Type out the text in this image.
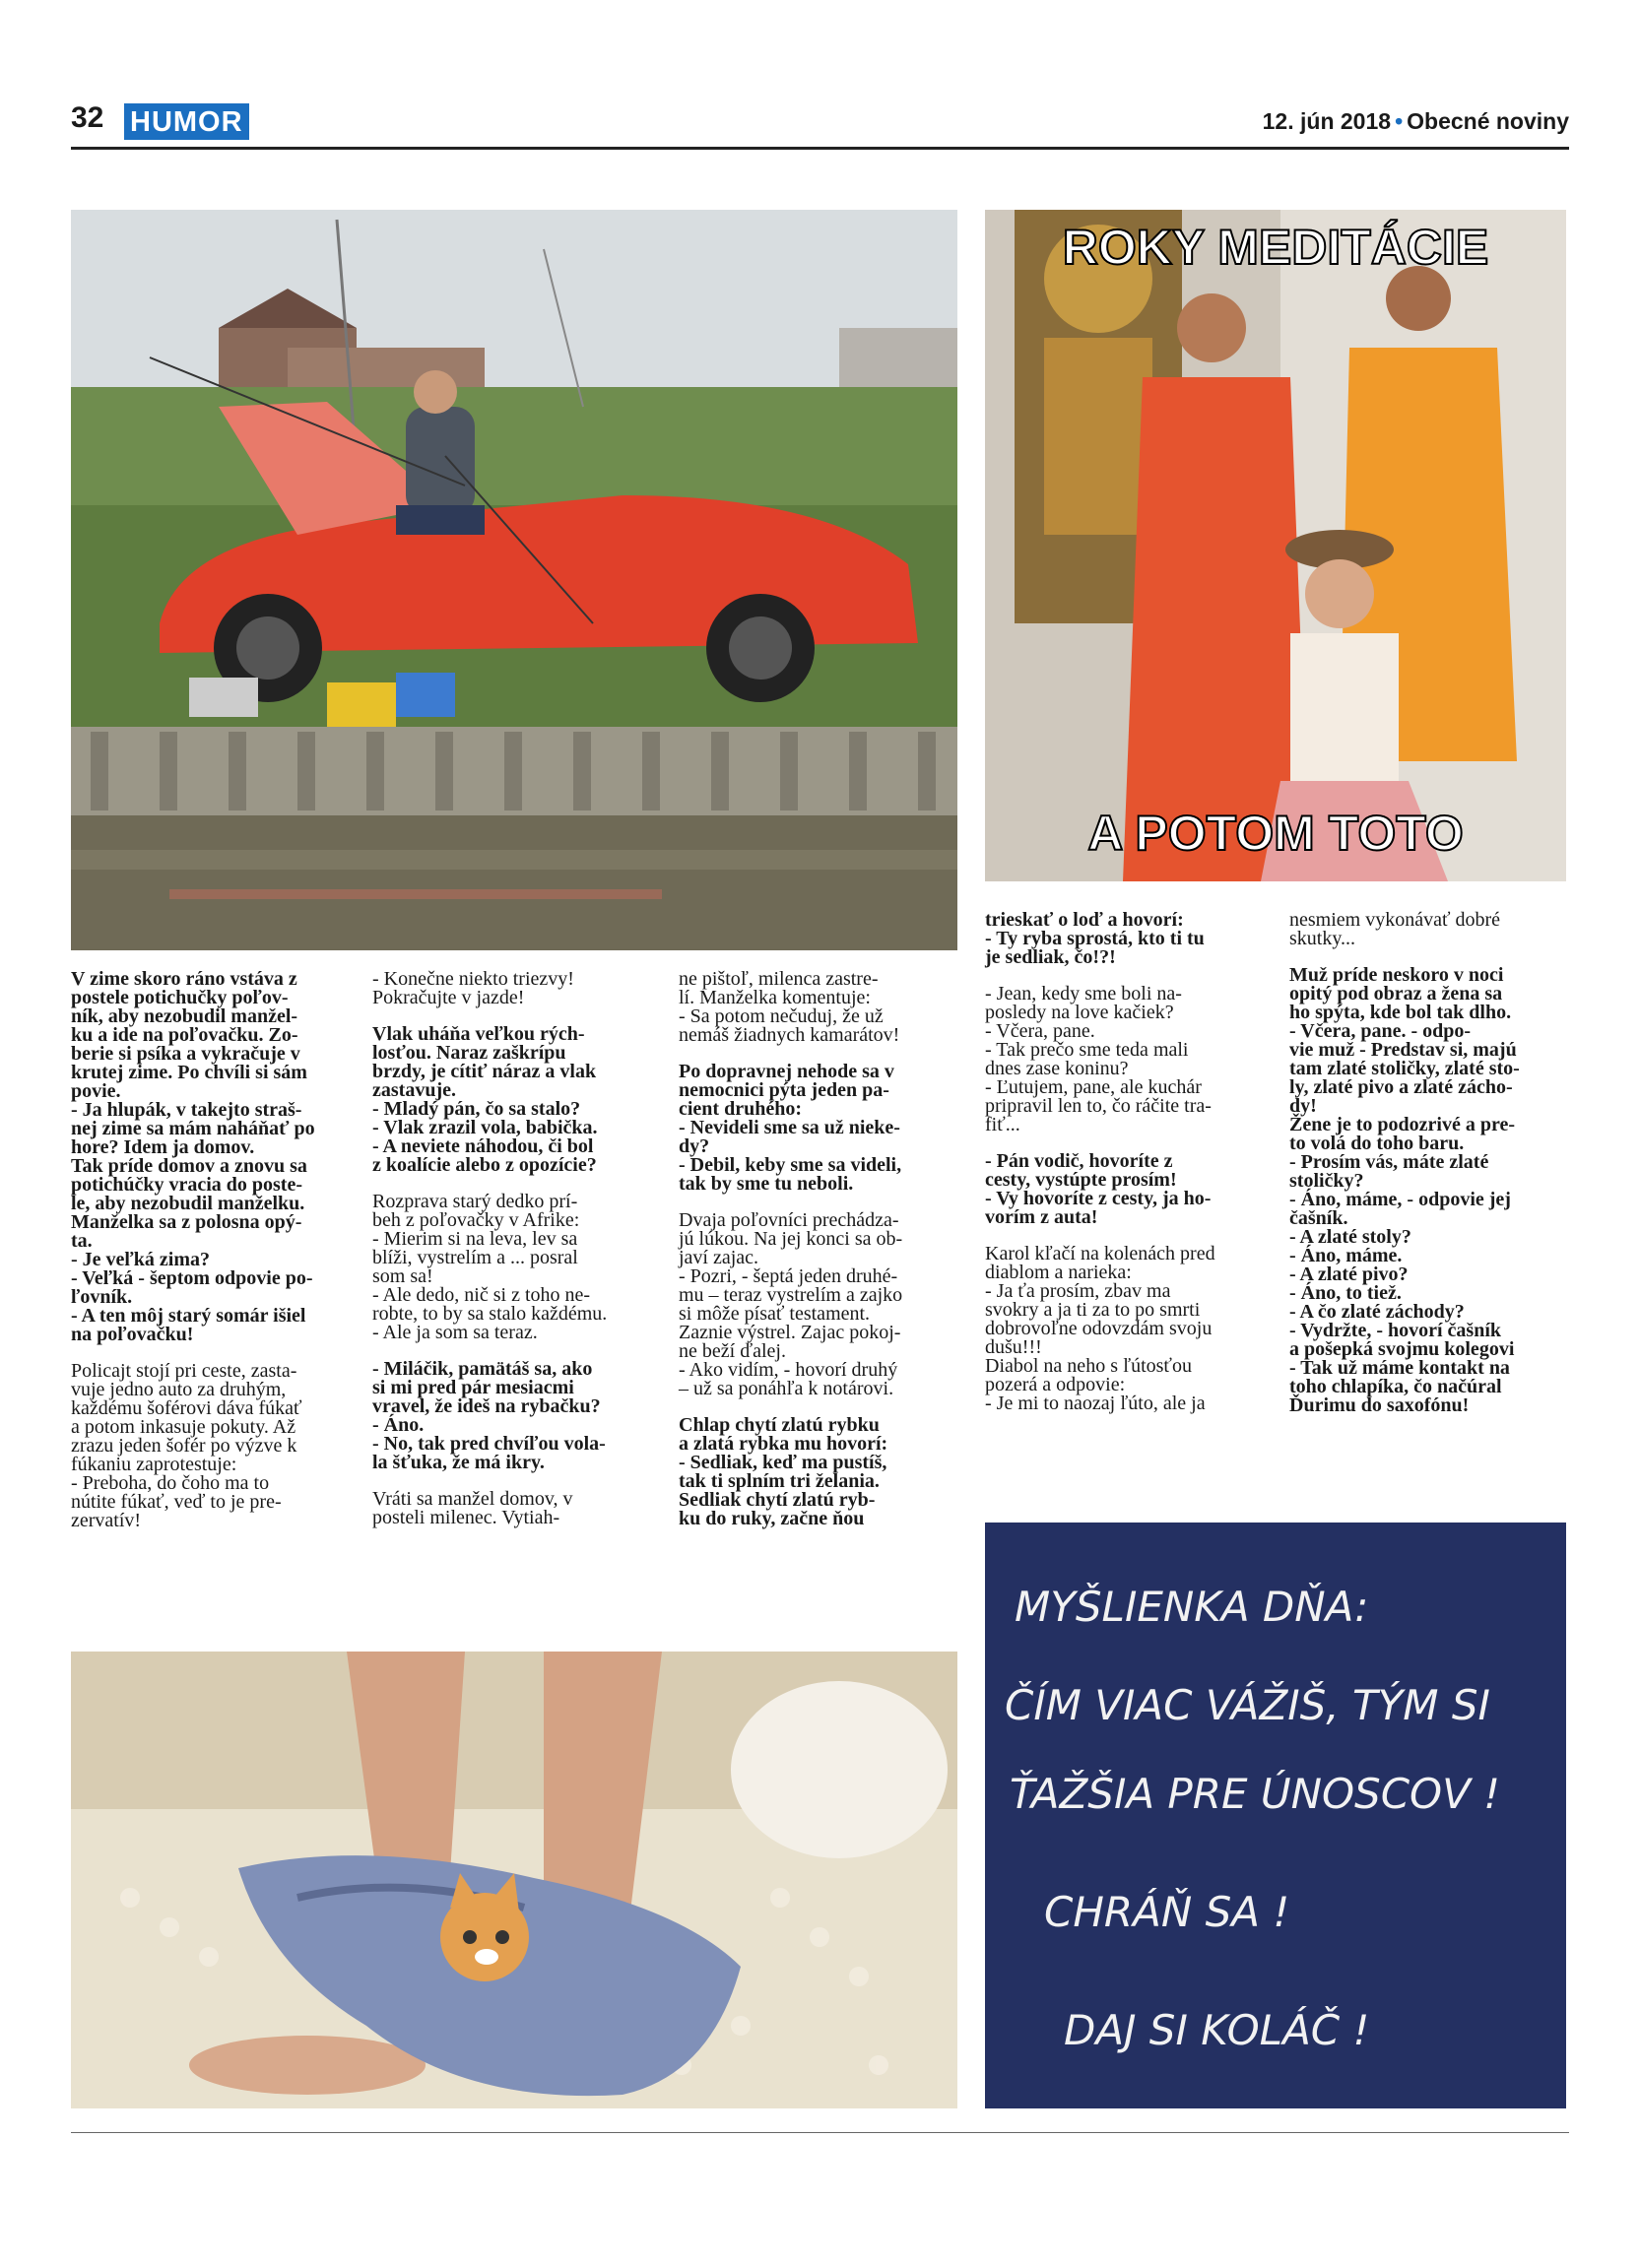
32 HUMOR	12. jún 2018 • Obecné noviny
ROKY MEDITÁCIE
A POTOM TOTO
MYŠLIENKA DŇA:
ČÍM VIAC VÁŽIŠ, TÝM SI
ŤAŽŠIA PRE ÚNOSCOV !
CHRÁŇ SA !
DAJ SI KOLÁČ !

V zime skoro ráno vstáva z
postele potichučky poľov-
ník, aby nezobudil manžel-
ku a ide na poľovačku. Zo-
berie si psíka a vykračuje v
krutej zime. Po chvíli si sám
povie.
- Ja hlupák, v takejto straš-
nej zime sa mám naháňať po
hore? Idem ja domov.
Tak príde domov a znovu sa
potichúčky vracia do poste-
le, aby nezobudil manželku.
Manželka sa z polosna opý-
ta.
- Je veľká zima?
- Veľká - šeptom odpovie po-
ľovník.
- A ten môj starý somár išiel
na poľovačku!

Policajt stojí pri ceste, zasta-
vuje jedno auto za druhým,
každému šoférovi dáva fúkať
a potom inkasuje pokuty. Až
zrazu jeden šofér po výzve k
fúkaniu zaprotestuje:
- Preboha, do čoho ma to
nútite fúkať, veď to je pre-
zervatív!

- Konečne niekto triezvy!
Pokračujte v jazde!

Vlak uháňa veľkou rých-
losťou. Naraz zaškrípu
brzdy, je cítiť náraz a vlak
zastavuje.
- Mladý pán, čo sa stalo?
- Vlak zrazil vola, babička.
- A neviete náhodou, či bol
z koalície alebo z opozície?

Rozprava starý dedko prí-
beh z poľovačky v Afrike:
- Mierim si na leva, lev sa
blíži, vystrelím a ... posral
som sa!
- Ale dedo, nič si z toho ne-
robte, to by sa stalo každému.
- Ale ja som sa teraz.

- Miláčik, pamätáš sa, ako
si mi pred pár mesiacmi
vravel, že ideš na rybačku?
- Áno.
- No, tak pred chvíľou vola-
la šťuka, že má ikry.

Vráti sa manžel domov, v
posteli milenec. Vytiah-

ne pištoľ, milenca zastre-
lí. Manželka komentuje:
- Sa potom nečuduj, že už
nemáš žiadnych kamarátov!

Po dopravnej nehode sa v
nemocnici pýta jeden pa-
cient druhého:
- Nevideli sme sa už nieke-
dy?
- Debil, keby sme sa videli,
tak by sme tu neboli.

Dvaja poľovníci prechádza-
jú lúkou. Na jej konci sa ob-
javí zajac.
- Pozri, - šeptá jeden druhé-
mu – teraz vystrelím a zajko
si môže písať testament.
Zaznie výstrel. Zajac pokoj-
ne beží ďalej.
- Ako vidím, - hovorí druhý
– už sa ponáhľa k notárovi.

Chlap chytí zlatú rybku
a zlatá rybka mu hovorí:
- Sedliak, keď ma pustíš,
tak ti splním tri želania.
Sedliak chytí zlatú ryb-
ku do ruky, začne ňou

trieskať o loď a hovorí:
- Ty ryba sprostá, kto ti tu
je sedliak, čo!?!

- Jean, kedy sme boli na-
posledy na love kačiek?
- Včera, pane.
- Tak prečo sme teda mali
dnes zase koninu?
- Ľutujem, pane, ale kuchár
pripravil len to, čo ráčite tra-
fiť...

- Pán vodič, hovoríte z
cesty, vystúpte prosím!
- Vy hovoríte z cesty, ja ho-
vorím z auta!

Karol kľačí na kolenách pred
diablom a narieka:
- Ja ťa prosím, zbav ma
svokry a ja ti za to po smrti
dobrovoľne odovzdám svoju
dušu!!!
Diabol na neho s ľútosťou
pozerá a odpovie:
- Je mi to naozaj ľúto, ale ja

nesmiem vykonávať dobré
skutky...

Muž príde neskoro v noci
opitý pod obraz a žena sa
ho spýta, kde bol tak dlho.
- Včera, pane. - odpo-
vie muž - Predstav si, majú
tam zlaté stoličky, zlaté sto-
ly, zlaté pivo a zlaté zácho-
dy!
Žene je to podozrivé a pre-
to volá do toho baru.
- Prosím vás, máte zlaté
stoličky?
- Áno, máme, - odpovie jej
čašník.
- A zlaté stoly?
- Áno, máme.
- A zlaté pivo?
- Áno, to tiež.
- A čo zlaté záchody?
- Vydržte, - hovorí čašník
a pošepká svojmu kolegovi
- Tak už máme kontakt na
toho chlapíka, čo načúral
Ďurimu do saxofónu!
